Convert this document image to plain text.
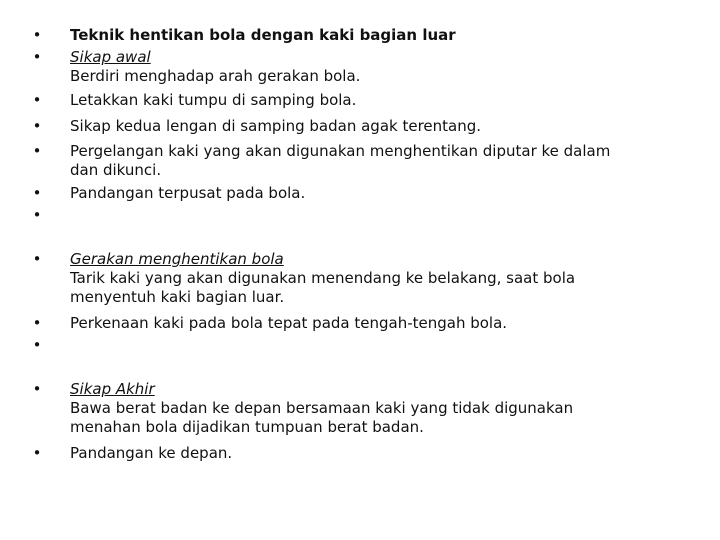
• Teknik hentikan bola dengan kaki bagian luar
• Sikap awal
Berdiri menghadap arah gerakan bola.
• Letakkan kaki tumpu di samping bola.
• Sikap kedua lengan di samping badan agak terentang.
• Pergelangan kaki yang akan digunakan menghentikan diputar ke dalam
dan dikunci.
• Pandangan terpusat pada bola.
•
• Gerakan menghentikan bola
Tarik kaki yang akan digunakan menendang ke belakang, saat bola
menyentuh kaki bagian luar.
• Perkenaan kaki pada bola tepat pada tengah-tengah bola.
•
• Sikap Akhir
Bawa berat badan ke depan bersamaan kaki yang tidak digunakan
menahan bola dijadikan tumpuan berat badan.
• Pandangan ke depan.
